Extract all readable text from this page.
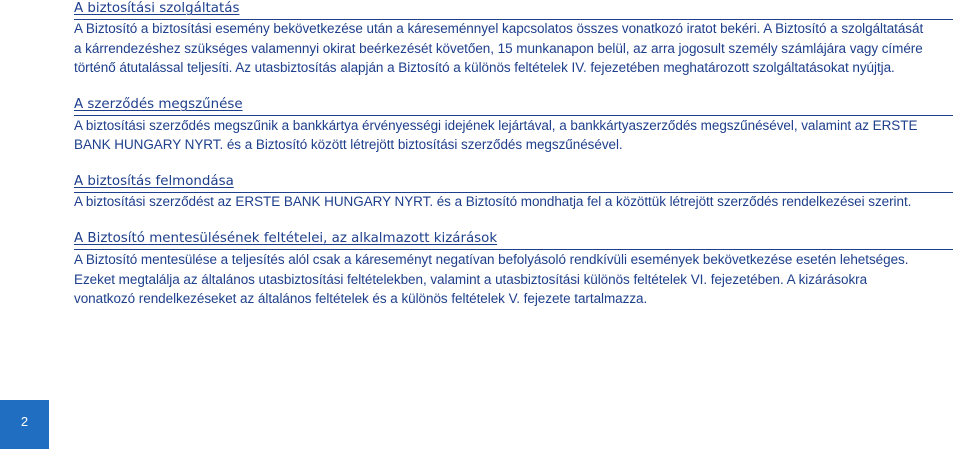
A biztosítási szolgáltatás
A Biztosító a biztosítási esemény bekövetkezése után a káreseménnyel kapcsolatos összes vonatkozó iratot bekéri. A Biztosító a szolgáltatását
a kárrendezéshez szükséges valamennyi okirat beérkezését követően, 15 munkanapon belül, az arra jogosult személy számlájára vagy címére
történő átutalással teljesíti. Az utasbiztosítás alapján a Biztosító a különös feltételek IV. fejezetében meghatározott szolgáltatásokat nyújtja.
A szerződés megszűnése
A biztosítási szerződés megszűnik a bankkártya érvényességi idejének lejártával, a bankkártyaszerződés megszűnésével, valamint az ERSTE
BANK HUNGARY NYRT. és a Biztosító között létrejött biztosítási szerződés megszűnésével.
A biztosítás felmondása
A biztosítási szerződést az ERSTE BANK HUNGARY NYRT. és a Biztosító mondhatja fel a közöttük létrejött szerződés rendelkezései szerint.
A Biztosító mentesülésének feltételei, az alkalmazott kizárások
A Biztosító mentesülése a teljesítés alól csak a káreseményt negatívan befolyásoló rendkívüli események bekövetkezése esetén lehetséges.
Ezeket megtalálja az általános utasbiztosítási feltételekben, valamint a utasbiztosítási különös feltételek VI. fejezetében. A kizárásokra
vonatkozó rendelkezéseket az általános feltételek és a különös feltételek V. fejezete tartalmazza.
2
